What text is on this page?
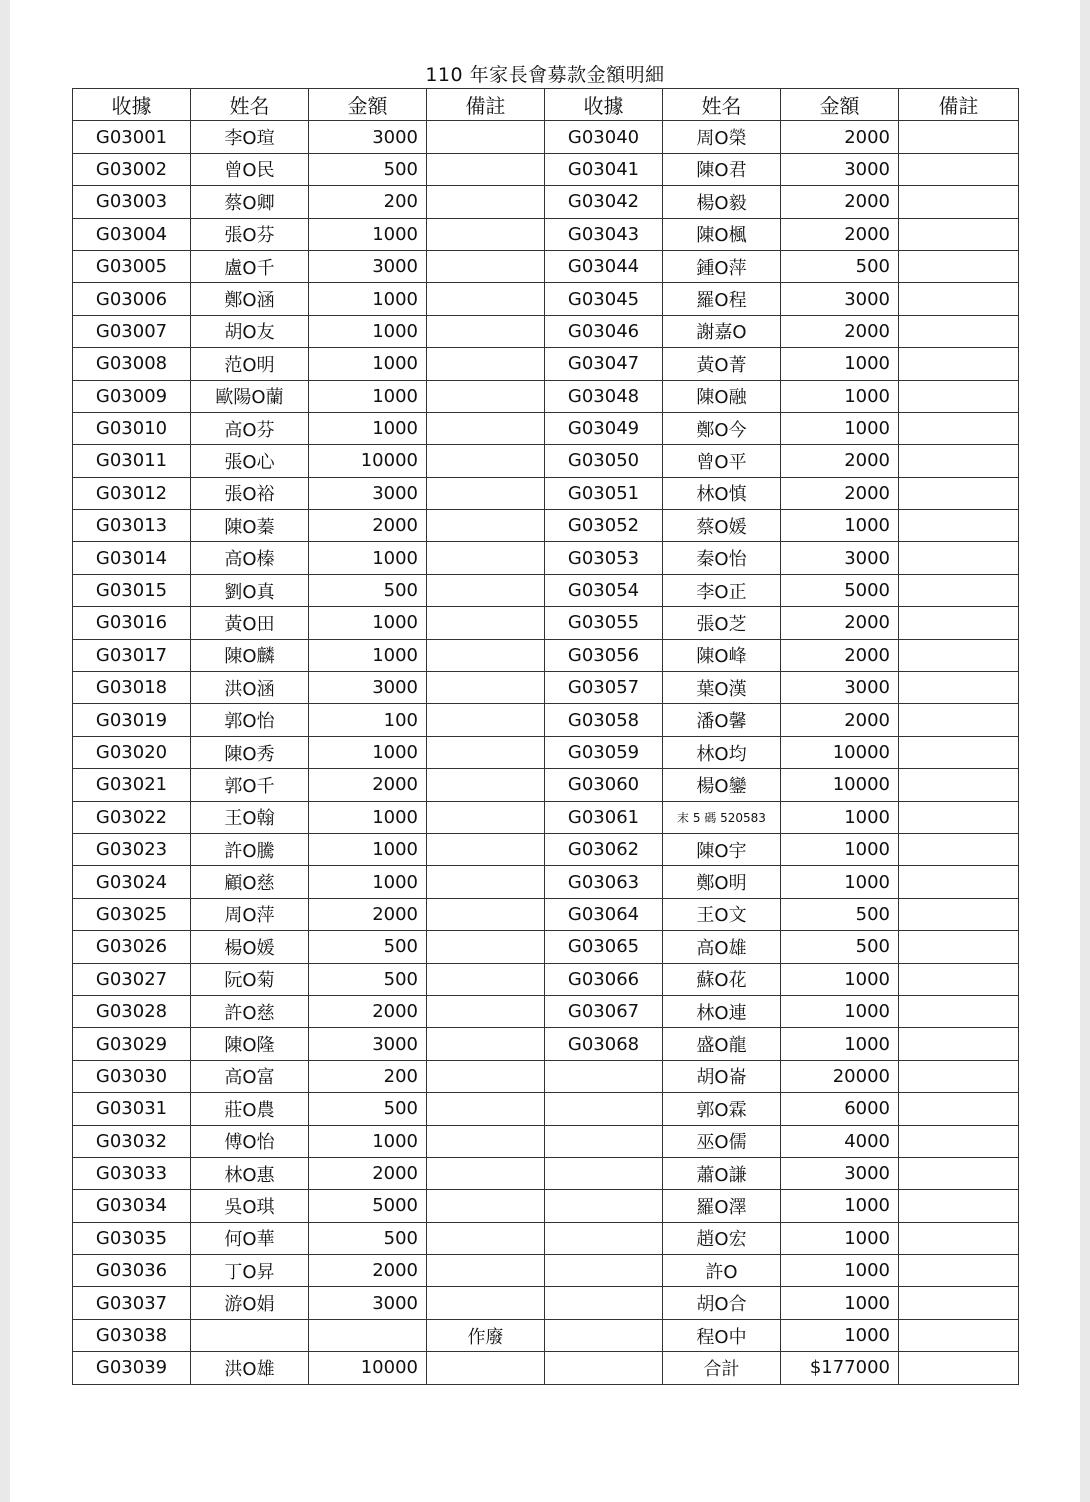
110 年家長會募款金額明細
收據	姓名	金額	備註	收據	姓名	金額	備註
G03001	李O瑄	3000		G03040	周O榮	2000	
G03002	曾O民	500		G03041	陳O君	3000	
G03003	蔡O卿	200		G03042	楊O毅	2000	
G03004	張O芬	1000		G03043	陳O楓	2000	
G03005	盧O千	3000		G03044	鍾O萍	500	
G03006	鄭O涵	1000		G03045	羅O程	3000	
G03007	胡O友	1000		G03046	謝嘉O	2000	
G03008	范O明	1000		G03047	黃O菁	1000	
G03009	歐陽O蘭	1000		G03048	陳O融	1000	
G03010	高O芬	1000		G03049	鄭O今	1000	
G03011	張O心	10000		G03050	曾O平	2000	
G03012	張O裕	3000		G03051	林O慎	2000	
G03013	陳O蓁	2000		G03052	蔡O媛	1000	
G03014	高O榛	1000		G03053	秦O怡	3000	
G03015	劉O真	500		G03054	李O正	5000	
G03016	黃O田	1000		G03055	張O芝	2000	
G03017	陳O麟	1000		G03056	陳O峰	2000	
G03018	洪O涵	3000		G03057	葉O漢	3000	
G03019	郭O怡	100		G03058	潘O馨	2000	
G03020	陳O秀	1000		G03059	林O均	10000	
G03021	郭O千	2000		G03060	楊O鑾	10000	
G03022	王O翰	1000		G03061	末 5 碼 520583	1000	
G03023	許O騰	1000		G03062	陳O宇	1000	
G03024	顧O慈	1000		G03063	鄭O明	1000	
G03025	周O萍	2000		G03064	王O文	500	
G03026	楊O媛	500		G03065	高O雄	500	
G03027	阮O菊	500		G03066	蘇O花	1000	
G03028	許O慈	2000		G03067	林O連	1000	
G03029	陳O隆	3000		G03068	盛O龍	1000	
G03030	高O富	200			胡O崙	20000	
G03031	莊O農	500			郭O霖	6000	
G03032	傅O怡	1000			巫O儒	4000	
G03033	林O惠	2000			蕭O謙	3000	
G03034	吳O琪	5000			羅O澤	1000	
G03035	何O華	500			趙O宏	1000	
G03036	丁O昇	2000			許O	1000	
G03037	游O娟	3000			胡O合	1000	
G03038			作廢		程O中	1000	
G03039	洪O雄	10000			合計	$177000	
